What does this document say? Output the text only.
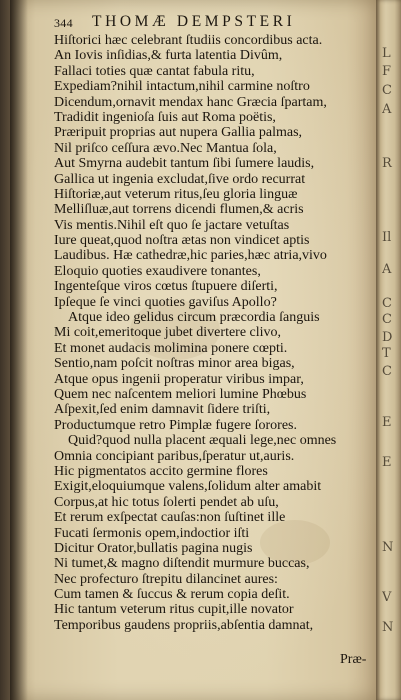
344 THOMÆ DEMPSTERI
Hiſtorici hæc celebrant ſtudiis concordibus acta.
An Iovis inſidias,& furta latentia Divûm,
Fallaci toties quæ cantat fabula ritu,
Expediam?nihil intactum,nihil carmine noſtro
Dicendum,ornavit mendax hanc Græcia ſpartam,
Tradidit ingenioſa ſuis aut Roma poëtis,
Præripuit proprias aut nupera Gallia palmas,
Nil priſco ceſſura ævo.Nec Mantua ſola,
Aut Smyrna audebit tantum ſibi ſumere laudis,
Gallica ut ingenia excludat,ſive ordo recurrat
Hiſtoriæ,aut veterum ritus,ſeu gloria linguæ
Melliſluæ,aut torrens dicendi flumen,& acris
Vis mentis.Nihil eſt quo ſe jactare vetuſtas
Iure queat,quod noſtra ætas non vindicet aptis
Laudibus. Hæ cathedræ,hic paries,hæc atria,vivo
Eloquio quoties exaudivere tonantes,
Ingenteſque viros cœtus ſtupuere diſerti,
Ipſeque ſe vinci quoties gaviſus Apollo?
Atque ideo gelidus circum præcordia ſanguis
Mi coit,emeritoque jubet divertere clivo,
Et monet audacis molimina ponere cœpti.
Sentio,nam poſcit noſtras minor area bigas,
Atque opus ingenii properatur viribus impar,
Quem nec naſcentem meliori lumine Phœbus
Aſpexit,ſed enim damnavit ſidere triſti,
Productumque retro Pimplæ fugere ſorores.
Quid?quod nulla placent æquali lege,nec omnes
Omnia concipiant paribus,ſperatur ut,auris.
Hic pigmentatos accito germine flores
Exigit,eloquiumque valens,ſolidum alter amabit
Corpus,at hic totus ſolerti pendet ab uſu,
Et rerum exſpectat cauſas:non ſuſtinet ille
Fucati ſermonis opem,indoctior iſti
Dicitur Orator,bullatis pagina nugis
Ni tumet,& magno diſtendit murmure buccas,
Nec profecturo ſtrepitu dilancinet aures:
Cum tamen & ſuccus & rerum copia deſit.
Hic tantum veterum ritus cupit,ille novator
Temporibus gaudens propriis,abſentia damnat,
Præ-
L
F
C
A
R
Il
A
C
C
D
T
C
E
E
N
V
N
